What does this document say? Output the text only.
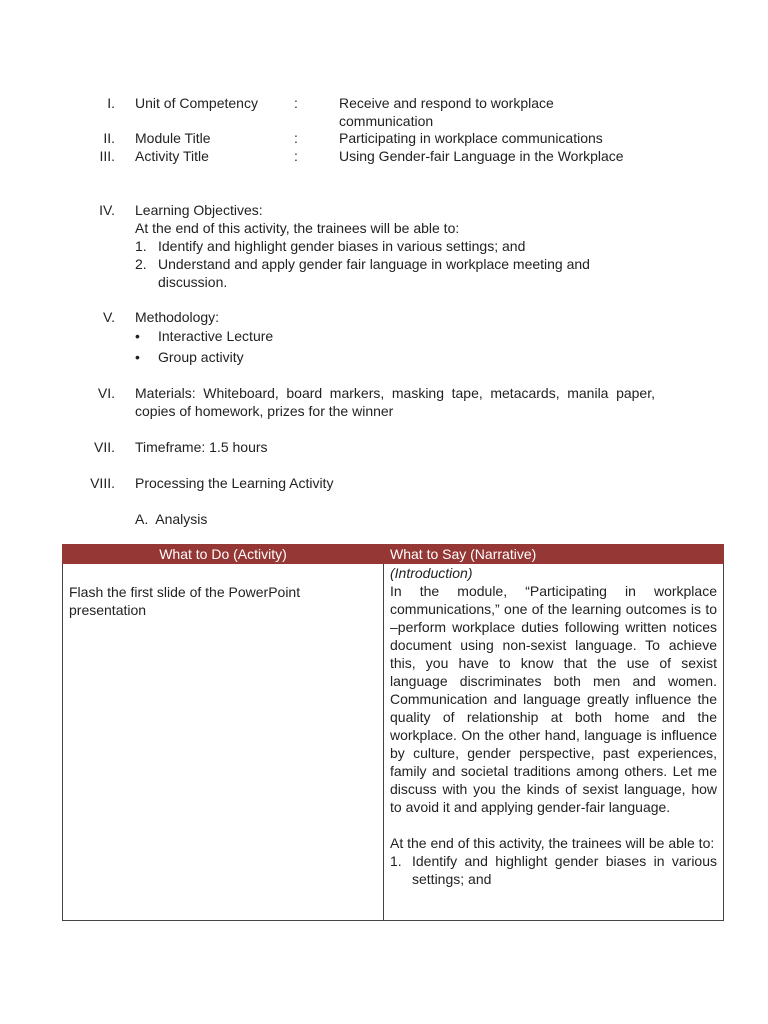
I. Unit of Competency	:	Receive and respond to workplace communication
II. Module Title	:	Participating in workplace communications
III. Activity Title	:	Using Gender-fair Language in the Workplace
IV. Learning Objectives:
At the end of this activity, the trainees will be able to:
1. Identify and highlight gender biases in various settings; and
2. Understand and apply gender fair language in workplace meeting and discussion.
V. Methodology:
•	Interactive Lecture
•	Group activity
VI. Materials: Whiteboard, board markers, masking tape, metacards, manila paper, copies of homework, prizes for the winner
VII. Timeframe: 1.5 hours
VIII. Processing the Learning Activity
A.  Analysis
What to Do (Activity)	What to Say (Narrative)
Flash the first slide of the PowerPoint presentation	(Introduction)

In the module, “Participating in workplace communications,” one of the learning outcomes is to –perform workplace duties following written notices document using non-sexist language. To achieve this, you have to know that the use of sexist language discriminates both men and women. Communication and language greatly influence the quality of relationship at both home and the workplace. On the other hand, language is influence by culture, gender perspective, past experiences, family and societal traditions among others. Let me discuss with you the kinds of sexist language, how to avoid it and applying gender-fair language.

At the end of this activity, the trainees will be able to:

1. Identify and highlight gender biases in various settings; and
